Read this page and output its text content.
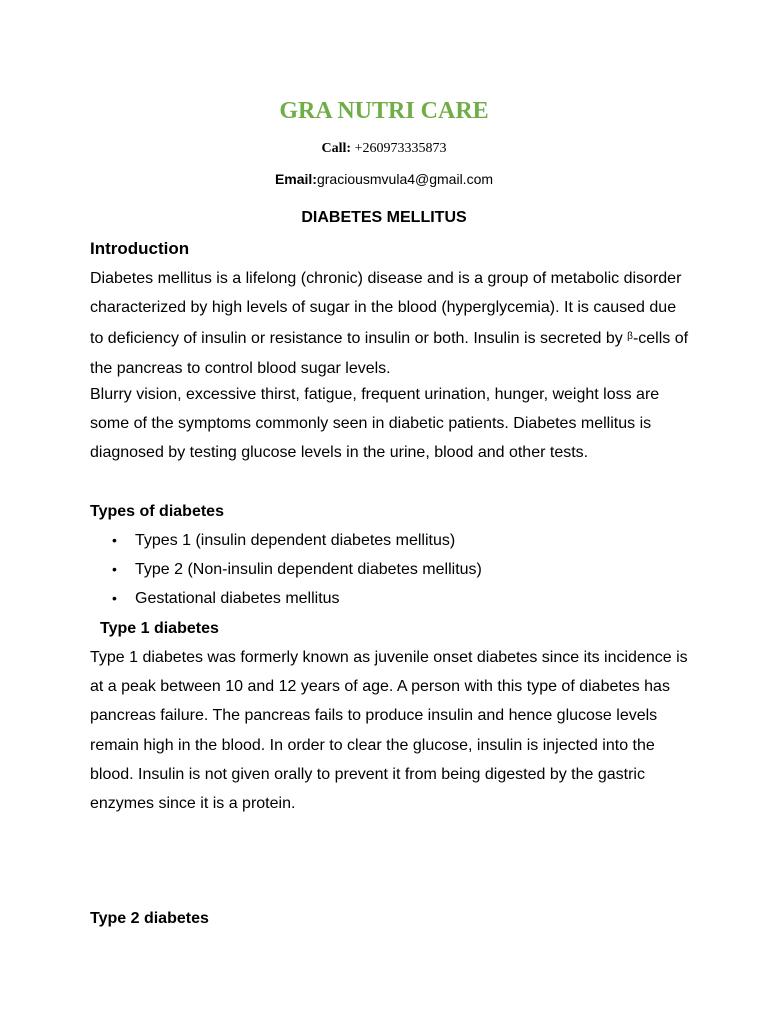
GRA NUTRI CARE
Call: +260973335873
Email:graciousmvula4@gmail.com
DIABETES MELLITUS
Introduction
Diabetes mellitus is a lifelong (chronic) disease and is a group of metabolic disorder characterized by high levels of sugar in the blood (hyperglycemia). It is caused due to deficiency of insulin or resistance to insulin or both. Insulin is secreted by $^\beta$-cells of the pancreas to control blood sugar levels.
Blurry vision, excessive thirst, fatigue, frequent urination, hunger, weight loss are some of the symptoms commonly seen in diabetic patients. Diabetes mellitus is diagnosed by testing glucose levels in the urine, blood and other tests.
Types of diabetes
• Types 1 (insulin dependent diabetes mellitus)
• Type 2 (Non-insulin dependent diabetes mellitus)
• Gestational diabetes mellitus
Type 1 diabetes
Type 1 diabetes was formerly known as juvenile onset diabetes since its incidence is at a peak between 10 and 12 years of age. A person with this type of diabetes has pancreas failure. The pancreas fails to produce insulin and hence glucose levels remain high in the blood. In order to clear the glucose, insulin is injected into the blood. Insulin is not given orally to prevent it from being digested by the gastric enzymes since it is a protein.
Type 2 diabetes
